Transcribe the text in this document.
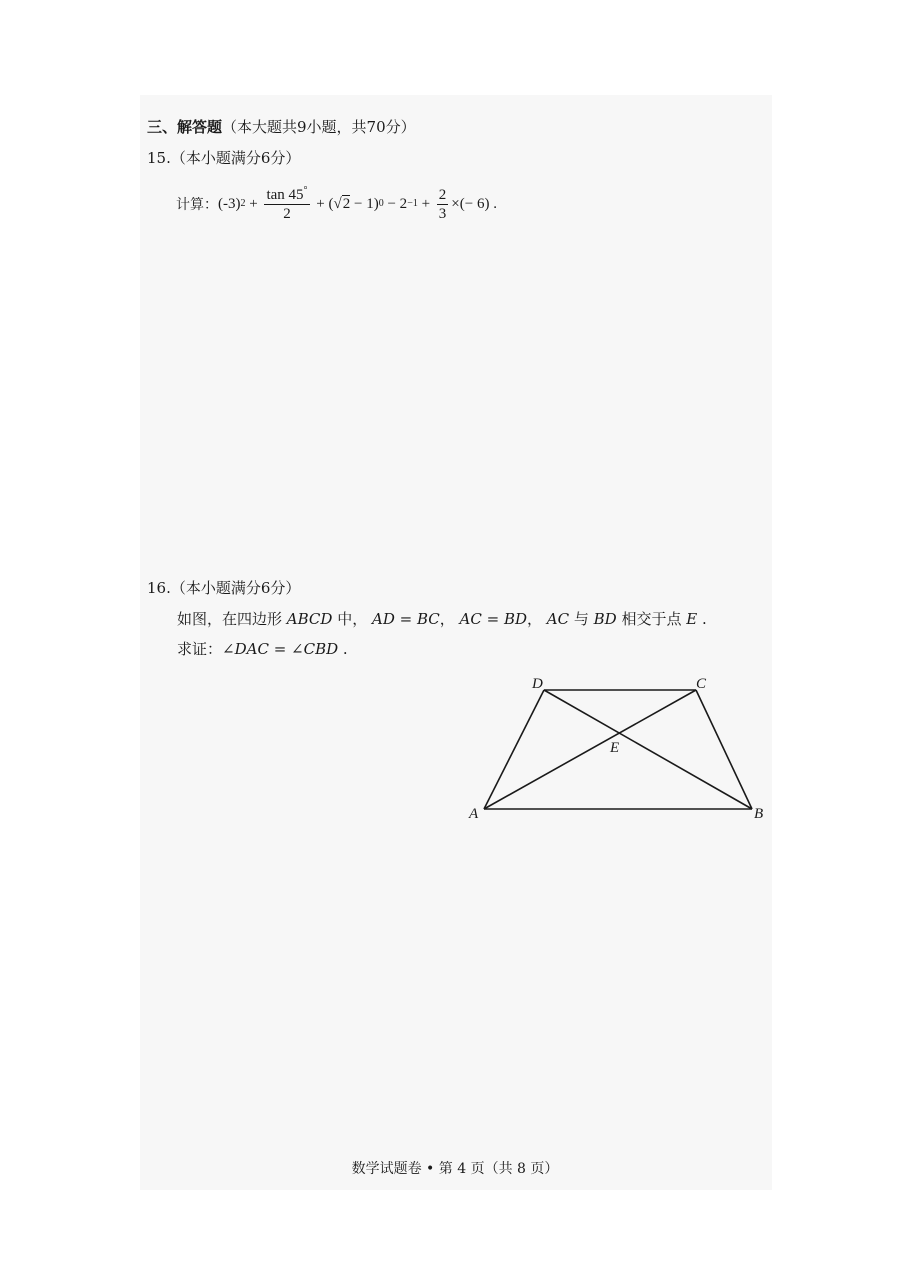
三、解答题（本大题共9小题，共70分）
15.（本小题满分6分）
计算： (-3) $2 + \frac{\tan 45^\circ}{2}$ + ( √ 2 − 1) $0 - 2 -1 + \frac{2}{3}$ ×(− 6) .
16.（本小题满分6分）
如图，在四边形 ABCD 中， AD = BC， AC = BD， AC 与 BD 相交于点 E .
求证：∠DAC = ∠CBD .
A	B
C
D
E
数学试题卷 • 第 4 页（共 8 页）
